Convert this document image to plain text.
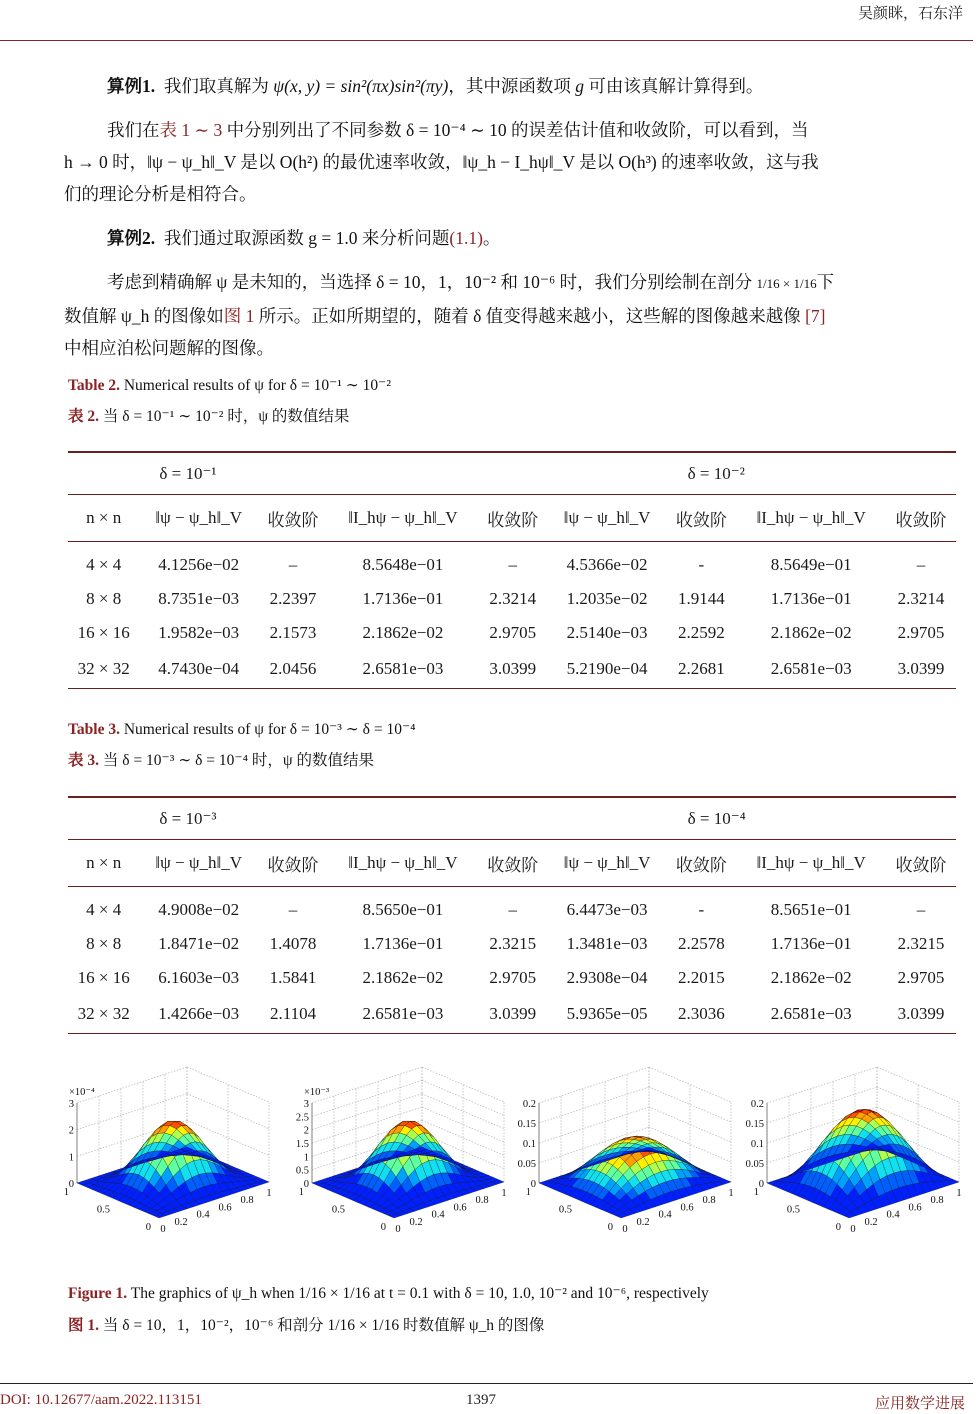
吴颜眯，石东洋
算例1. 我们取真解为 ψ(x, y) = sin²(πx)sin²(πy)，其中源函数项 g 可由该真解计算得到。
我们在表 1 ∼ 3 中分别列出了不同参数 δ = 10⁻⁴ ∼ 10 的误差估计值和收敛阶，可以看到，当
h → 0 时，‖ψ − ψ_h‖_V 是以 O(h²) 的最优速率收敛，‖ψ_h − I_hψ‖_V 是以 O(h³) 的速率收敛，这与我
们的理论分析是相符合。
算例2. 我们通过取源函数 g = 1.0 来分析问题(1.1)。
考虑到精确解 ψ 是未知的，当选择 δ = 10，1，10⁻² 和 10⁻⁶ 时，我们分别绘制在剖分 1/16 × 1/16下
数值解 ψ_h 的图像如图 1 所示。正如所期望的，随着 δ 值变得越来越小，这些解的图像越来越像 [7]
中相应泊松问题解的图像。
Table 2. Numerical results of ψ for δ = 10⁻¹ ∼ 10⁻²
表 2. 当 δ = 10⁻¹ ∼ 10⁻² 时，ψ 的数值结果
	δ = 10⁻¹				δ = 10⁻²			
n × n	‖ψ − ψ_h‖_V	收敛阶	‖I_hψ − ψ_h‖_V	收敛阶	‖ψ − ψ_h‖_V	收敛阶	‖I_hψ − ψ_h‖_V	收敛阶
4 × 4	4.1256e−02	–	8.5648e−01	–	4.5366e−02	-	8.5649e−01	–
8 × 8	8.7351e−03	2.2397	1.7136e−01	2.3214	1.2035e−02	1.9144	1.7136e−01	2.3214
16 × 16	1.9582e−03	2.1573	2.1862e−02	2.9705	2.5140e−03	2.2592	2.1862e−02	2.9705
32 × 32	4.7430e−04	2.0456	2.6581e−03	3.0399	5.2190e−04	2.2681	2.6581e−03	3.0399
Table 3. Numerical results of ψ for δ = 10⁻³ ∼ δ = 10⁻⁴
表 3. 当 δ = 10⁻³ ∼ δ = 10⁻⁴ 时，ψ 的数值结果
	δ = 10⁻³				δ = 10⁻⁴			
n × n	‖ψ − ψ_h‖_V	收敛阶	‖I_hψ − ψ_h‖_V	收敛阶	‖ψ − ψ_h‖_V	收敛阶	‖I_hψ − ψ_h‖_V	收敛阶
4 × 4	4.9008e−02	–	8.5650e−01	–	6.4473e−03	-	8.5651e−01	–
8 × 8	1.8471e−02	1.4078	1.7136e−01	2.3215	1.3481e−03	2.2578	1.7136e−01	2.3215
16 × 16	6.1603e−03	1.5841	2.1862e−02	2.9705	2.9308e−04	2.2015	2.1862e−02	2.9705
32 × 32	1.4266e−03	2.1104	2.6581e−03	3.0399	5.9365e−05	2.3036	2.6581e−03	3.0399
0
1
2
3
×10⁻⁴
0
0.2
0.4
0.6
0.8
1
0
0.5
1
0
0.5
1
1.5
2
2.5
3
×10⁻³
0
0.2
0.4
0.6
0.8
1
0
0.5
1
0
0.05
0.1
0.15
0.2
0
0.2
0.4
0.6
0.8
1
0
0.5
1
0
0.05
0.1
0.15
0.2
0
0.2
0.4
0.6
0.8
1
0
0.5
1
Figure 1. The graphics of ψ_h when 1/16 × 1/16 at t = 0.1 with δ = 10, 1.0, 10⁻² and 10⁻⁶, respectively
图 1. 当 δ = 10，1，10⁻²，10⁻⁶ 和剖分 1/16 × 1/16 时数值解 ψ_h 的图像
DOI: 10.12677/aam.2022.113151	1397	应用数学进展
